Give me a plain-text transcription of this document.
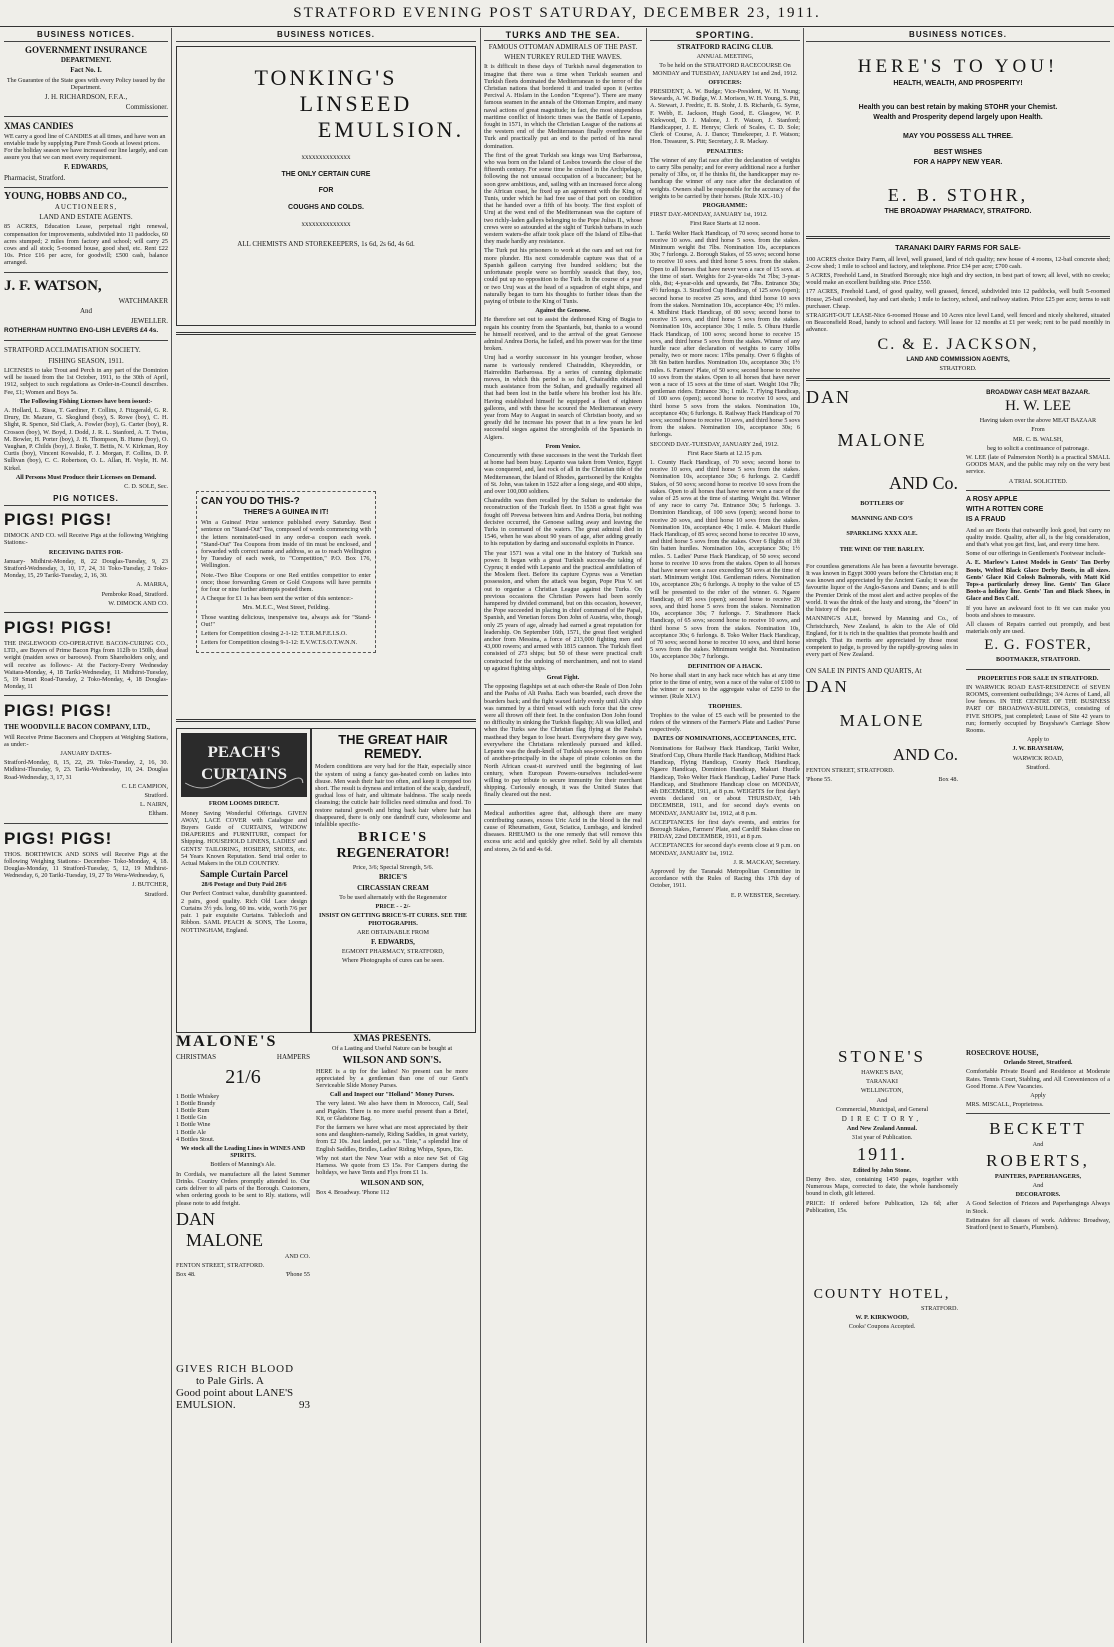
STRATFORD EVENING POST SATURDAY, DECEMBER 23, 1911.
BUSINESS NOTICES.
GOVERNMENT INSURANCE
DEPARTMENT.
Fact No. I.
The Guarantee of the State goes with every Policy issued by the Department.
J. H. RICHARDSON, F.F.A.,
Commissioner.
XMAS CANDIES
WE carry a good line of CANDIES at all times, and have won an enviable trade by supplying Pure Fresh Goods at lowest prices. For the holiday season we have increased our line largely, and can assure you that we can meet every requirement.
F. EDWARDS,
Pharmacist, Stratford.
YOUNG, HOBBS AND CO.,
AUCTIONEERS,
LAND AND ESTATE AGENTS.
85 ACRES, Education Lease, perpetual right renewal, compensation for improvements, subdivided into 11 paddocks, 60 acres stumped; 2 miles from factory and school; will carry 25 cows and all stock; 5-roomed house, good shed, etc. Rent £22 10s. Price £16 per acre, for goodwill; £500 cash, balance arranged.
J. F. WATSON,
WATCHMAKER
And
JEWELLER.
ROTHERHAM HUNTING ENG-LISH LEVERS £4 4s.
STRATFORD ACCLIMATISATION SOCIETY.
FISHING SEASON, 1911.
LICENSES to take Trout and Perch in any part of the Dominion will be issued from the 1st October, 1911, to the 30th of April, 1912, subject to such regulations as Order-in-Council describes. Fee, £1; Women and Boys 5s.
The Following Fishing Licenses have been issued:-
A. Hollard, L. Rissa, T. Gardiner, F. Collins, J. Fitzgerald, G. R. Drury, Dr. Mazure, G. Skoglund (boy), S. Rowe (boy), C. H. Slight, R. Spence, Sid Clark, A. Fowler (boy), G. Carter (boy), R. Crosson (boy), W. Boyd, J. Dodd, J. R. L. Stanford, A. T. Twiss, M. Bowler, H. Porter (boy), J. H. Thompson, B. Hume (boy), O. Vaughan, P. Childs (boy), J. Brake, T. Bettis, N. V. Kirkman, Roy Curtis (boy), Vincent Kowalski, F. J. Morgan, F. Collins, D. P. Sullivan (boy), C. C. Robertson, O. L. Allan, H. Voyle, H. M. Kirkel.
All Persons Must Produce their Licenses on Demand.
C. D. SOLE, Sec.
PIG NOTICES.
PIGS! PIGS!
DIMOCK AND CO. will Receive Pigs at the following Weighing Stations:-
RECEIVING DATES FOR-
January- Midhirst-Monday, 8, 22 Douglas-Tuesday, 9, 23 Stratford-Wednesday, 3, 10, 17, 24, 31 Toko-Tuesday, 2 Toko-Monday, 15, 29 Tariki-Tuesday, 2, 16, 30.
A. MARRA,
Pembroke Road, Stratford.
W. DIMOCK AND CO.
PIGS! PIGS!
THE INGLEWOOD CO-OPERATIVE BACON-CURING CO., LTD., are Buyers of Prime Bacon Pigs from 112lb to 150lb, dead weight (maiden sows or baroows). From Shareholders only, and will receive as follows:- At the Factory-Every Wednesday Waitara-Monday, 4, 18 Tariki-Wednesday, 11 Midhirst-Tuesday, 5, 19 Smart Road-Tuesday, 2 Toko-Monday, 4, 18 Douglas-Monday, 11
PIGS! PIGS!
THE WOODVILLE BACON COMPANY, LTD.,
Will Receive Prime Baconers and Choppers at Weighing Stations, as under:-
JANUARY DATES-
Stratford-Monday, 8, 15, 22, 29. Toko-Tuesday, 2, 16, 30. Midhirst-Thursday, 9, 23. Tariki-Wednesday, 10, 24. Douglas Road-Wednesday, 3, 17, 31
C. LE CAMPION,
Stratford.
L. NAIRN,
Eltham.
PIGS! PIGS!
THOS. BORTHWICK AND SONS will Receive Pigs at the following Weighing Stations:- December- Toko-Monday, 4, 18. Douglas-Monday, 11 Stratford-Tuesday, 5, 12, 19 Midhirst-Wednesday, 6, 20 Tariki-Tuesday, 19, 27 To Wera-Wednesday, 6,
J. BUTCHER,
Stratford.
BUSINESS NOTICES.
TONKING'S
LINSEED
EMULSION.
xxxxxxxxxxxxxx
THE ONLY CERTAIN CURE
FOR
COUGHS AND COLDS.
xxxxxxxxxxxxxx
ALL CHEMISTS AND STOREKEEPERS, 1s 6d, 2s 6d, 4s 6d.
CAN YOU DO THIS-?
THERE'S A GUINEA IN IT!
Win a Guinea! Prize sentence published every Saturday. Best sentence on "Stand-Out" Tea, composed of words commencing with the letters nominated-used in any order-a coupon each week. "Stand-Out" Tea Coupons from inside of tin must be enclosed, and forwarded with correct name and address, so as to reach Wellington by Tuesday of each week, to "Competition," P.O. Box 176, Wellington.
Note.-Two Blue Coupons or one Red entitles competitor to enter once; those forwarding Green or Gold Coupons will have permits for four or nine further attempts posted them.
A Cheque for £1 1s has been sent the writer of this sentence:-
Mrs. M.E.C., West Street, Feilding.
Those wanting delicious, inexpensive tea, always ask for "Stand-Out!"
Letters for Competition closing 2-1-12: T.T.R.M.F.E.I.S.O.
Letters for Competition closing 9-1-12: E.V.W.T.S.O.T.W.N.N.
PEACH'S
CURTAINS
FROM LOOMS DIRECT.
Money Saving Wonderful Offerings. GIVEN AWAY, LACE COVER with Catalogue and Buyers Guide of CURTAINS, WINDOW DRAPERIES and FURNITURE, compact for Shipping. HOUSEHOLD LINENS, LADIES' and GENTS' TAILORING, HOSIERY, SHOES, etc. 54 Years Known Reputation. Send trial order to Actual Makers in the OLD COUNTRY.
Sample Curtain Parcel
28/6 Postage and Duty Paid 28/6
Our Perfect Contract value, durability guaranteed. 2 pairs, good quality. Rich Old Lace design Curtains 3½ yds. long, 60 ins. wide, worth 7/6 per pair. 1 pair exquisite Curtains. Tablecloth and Ribbon. SAML PEACH & SONS, The Looms, NOTTINGHAM, England.
THE GREAT HAIR REMEDY.
Modern conditions are very bad for the Hair, especially since the system of using a fancy gas-heated comb on ladies into disuse. Men wash their hair too often, and keep it cropped too short. The result is dryness and irritation of the scalp, dandruff, gradual loss of hair, and ultimate baldness. The scalp needs cleansing; the cuticle hair follicles need stimulus and food. To restore natural growth and bring back hair where hair has disappeared, there is only one dandruff cure, wholesome and infallible specific-
BRICE'S
REGENERATOR!
Price, 3/6; Special Strength, 5/6.
BRICE'S
CIRCASSIAN CREAM
To be used alternately with the Regenerator
PRICE - - 2/-
INSIST ON GETTING BRICE'S-IT CURES. SEE THE PHOTOGRAPHS.
ARE OBTAINABLE FROM
F. EDWARDS,
EGMONT PHARMACY, STRATFORD,
Where Photographs of cures can be seen.
MALONE'S
CHRISTMAS	HAMPERS
21/6
1 Bottle Whiskey
1 Bottle Brandy
1 Bottle Rum
1 Bottle Gin
1 Bottle Wine
1 Bottle Ale
4 Bottles Stout.
We stock all the Leading Lines in WINES AND SPIRITS.
Bottlers of Manning's Ale.
In Cordials, we manufacture all the latest Summer Drinks. Country Orders promptly attended to. Our carts deliver to all parts of the Borough. Customers, when ordering goods to be sent to Rly. stations, will please note to add freight.
DAN
MALONE
AND CO.
FENTON STREET, STRATFORD.
Box 48.	'Phone 55
XMAS PRESENTS.
Of a Lasting and Useful Nature can be bought at
WILSON AND SON'S.
HERE is a tip for the ladies! No present can be more appreciated by a gentleman than one of our Gent's Serviceable Slide Money Purses.
Call and Inspect our "Holland" Money Purses.
The very latest. We also have them in Morocco, Calf, Seal and Pigskin. There is no more useful present than a Brief, Kit, or Gladstone Bag.
For the farmers we have what are most appreciated by their sons and daughters-namely, Riding Saddles, in great variety, from £2 10s. Just landed, per s.s. "Ilnie," a splendid line of English Saddles, Bridles, Ladies' Riding Whips, Spurs, Etc.
Why not start the New Year with a nice new Set of Gig Harness. We quote from £3 15s. For Campers during the holidays, we have Tents and Flys from £1 1s.
WILSON AND SON,
Box 4. Broadway. 'Phone 112
GIVES RICH BLOOD
to Pale Girls. A
Good point about LANE'S
EMULSION.	93
TURKS AND THE SEA.
FAMOUS OTTOMAN ADMIRALS OF THE PAST.
WHEN TURKEY RULED THE WAVES.
It is difficult in these days of Turkish naval degeneration to imagine that there was a time when Turkish seamen and Turkish fleets dominated the Mediterranean to the terror of the Christian nations that bordered it and traded upon it (writes Percival A. Hislam in the London "Express"). There are many famous seamen in the annals of the Ottoman Empire, and many naval actions of great magnitude; in fact, the most stupendous maritime conflict of historic times was the Battle of Lepanto, fought in 1571, in which the Christian League of the nations at the western end of the Mediterranean finally overthrew the Turk and practically put an end to the period of his naval domination.
The first of the great Turkish sea kings was Uruj Barbarossa, who was born on the Island of Lesbos towards the close of the fifteenth century. For some time he cruised in the Archipelago, following the not unusual occupation of a buccaneer; but he soon grew ambitious, and, sailing with an increased force along the African coast, he fixed up an agreement with the King of Tunis, under which he had free use of that port on condition that he handed over a fifth of his booty. The first exploit of Uruj at the west end of the Mediterranean was the capture of two richly-laden galleys belonging to the Pope Julius II., whose crews were so astounded at the sight of Turkish turbans in such western waters-the affair took place off the Island of Elba-that they made hardly any resistance.
The Turk put his prisoners to work at the oars and set out for more plunder. His next considerable capture was that of a Spanish galleon carrying five hundred soldiers; but the unfortunate people were so horribly seasick that they, too, could put up no opposition to the Turk. In the course of a year or two Uruj was at the head of a squadron of eight ships, and naturally began to turn his thoughts to further ideas than the paying of tribute to the King of Tunis.
Against the Genoese.
He therefore set out to assist the dethroned King of Bugia to regain his country from the Spaniards, but, thanks to a wound he himself received, and to the arrival of the great Genoese admiral Andrea Doria, he failed, and his power was for the time broken.
Uruj had a worthy successor in his younger brother, whose name is variously rendered Chairaddin, Kheyreddin, or Hairreddin Barbarossa. By a series of cunning diplomatic moves, in which this period is so full, Chairaddin obtained much assistance from the Sultan, and gradually regained all that had been lost in the battle where his brother lost his life. Having established himself he equipped a fleet of eighteen galleons, and with these he scoured the Mediterranean every year from May to August in search of Christian booty, and so greatly did he increase his power that in a few years he led successful sieges against the strongholds of the Spaniards in Algiers.
From Venice.
Concurrently with these successes in the west the Turkish fleet at home had been busy. Lepanto was taken from Venice, Egypt was conquered, and, last rock of all in the Christian tide of the Mediterranean, the Island of Rhodes, garrisoned by the Knights of St. John, was taken in 1522 after a long siege, and 400 ships, and over 100,000 soldiers.
Chairaddin was then recalled by the Sultan to undertake the reconstruction of the Turkish fleet. In 1538 a great fight was fought off Prevesa between him and Andrea Doria, but nothing decisive occurred, the Genoese sailing away and leaving the Turks in command of the waters. The great admiral died in 1546, when he was about 90 years of age, after adding greatly to his reputation by daring and successful exploits in France.
The year 1571 was a vital one in the history of Turkish sea power. It began with a great Turkish success-the taking of Cyprus; it ended with Lepanto and the practical annihilation of the Moslem fleet. Before its capture Cyprus was a Venetian possession, and when the attack was begun, Pope Pius V. set out to organise a Christian League against the Turks. On previous occasions the Christian Powers had been sorely hampered by divided command, but on this occasion, however, the Pope succeeded in placing in chief command of the Papal, Spanish, and Venetian forces Don John of Austria, who, though only 25 years of age, already had earned a great reputation for leadership. On September 16th, 1571, the great fleet weighed anchor from Messina, a force of 213,000 fighting men and 43,000 rowers; and armed with 1815 cannon. The Turkish fleet consisted of 273 ships; but 50 of these were practical craft constructed for the undoing of merchantmen, and not to stand up against fighting ships.
Great Fight.
The opposing flagships set at each other-the Reale of Don John and the Pasha of Ali Pasha. Each was boarded, each drove the boarders back; and the fight waxed fairly evenly until Ali's ship was rammed by a third vessel with such force that the crew were all thrown off their feet. In the confusion Don John found no difficulty in sinking the Turkish flagship; Ali was killed, and when the Turks saw the Christian flag flying at the Pasha's masthead they began to lose heart. Everywhere they gave way, everywhere the Christians relentlessly pursued and killed. Lepanto was the death-knell of Turkish sea-power. In one form of another-principally in the shape of pirate colonies on the North African coast-it survived until the beginning of last century, when European Powers-ourselves included-were willing to pay tribute to secure immunity for their merchant shipping. Curiously enough, it was the United States that finally cleared out the nest.
Medical authorities agree that, although there are many contributing causes, excess Uric Acid in the blood is the real cause of Rheumatism, Gout, Sciatica, Lumbago, and kindred diseases. RHEUMO is the one remedy that will remove this excess uric acid and quickly give relief. Sold by all chemists and stores, 2s 6d and 4s 6d.
SPORTING.
STRATFORD RACING CLUB.
ANNUAL MEETING,
To be held on the STRATFORD RACECOURSE On MONDAY and TUESDAY, JANUARY 1st and 2nd, 1912.
OFFICERS:
PRESIDENT, A. W. Budge; Vice-President, W. H. Young; Stewards, A. W. Budge, W. J. Morison, W. H. Young, S. Pitt, A. Stewart, J. Fredric, E. B. Stohr, J. B. Richards, G. Syme, F. Webb, E. Jackson, Hugh Good, E. Glasgow, W. P. Kirkwood, D. J. Malone, J. F. Watson, J. Stanford; Handicapper, J. E. Henrys; Clerk of Scales, C. D. Sole; Clerk of Course, A. J. Dance; Timekeeper, J. F. Watson; Hon. Treasurer, S. Pitt; Secretary, J. R. Mackay.
PENALTIES:
The winner of any flat race after the declaration of weights to carry 5lbs penalty; and for every additional race a further penalty of 3lbs, or, if he thinks fit, the handicapper may re-handicap the winner of any race after the declaration of weights. Owners shall be responsible for the accuracy of the weights to be carried by their horses. (Rule XIX.-10.)
PROGRAMME:
FIRST DAY.-MONDAY, JANUARY 1st, 1912.
First Race Starts at 12 noon.
1. Tariki Welter Hack Handicap, of 70 sovs; second horse to receive 10 sovs. and third horse 5 sovs. from the stakes. Minimum weight 8st 7lbs. Nomination 10s, acceptances 30s; 7 furlongs. 2. Borough Stakes, of 55 sovs; second horse to receive 10 sovs. and third horse 5 sovs. from the stakes. Open to all horses that have never won a race of 15 sovs. at the time of start. Weights for 2-year-olds 7st 7lbs; 3-year-olds, 8st; 4-year-olds and upwards, 8st 7lbs. Entrance 30s; 4½ furlongs. 3. Stratford Cup Handicap, of 125 sovs (open); second horse to receive 25 sovs, and third horse 10 sovs from the stakes. Nomination 10s, acceptance 40s; 1½ miles. 4. Midhirst Hack Handicap, of 80 sovs; second horse to receive 15 sovs, and third horse 5 sovs from the stakes. Nomination 10s, acceptance 30s; 1 mile. 5. Ohura Hurdle Hack Handicap, of 100 sovs; second horse to receive 15 sovs, and third horse 5 sovs from the stakes. Winner of any hurdle race after declaration of weights to carry 10lbs penalty, two or more races: 17lbs penalty. Over 6 flights of 3ft 6in batten hurdles. Nomination 10s, acceptance 30s; 1½ miles. 6. Farmers' Plate, of 50 sovs; second horse to receive 10 sovs from the stakes. Open to all horses that have never won a race of 15 sovs at the time of start. Weight 10st 7lb; gentleman riders. Entrance 30s; 1 mile. 7. Flying Handicap, of 100 sovs (open); second horse to receive 10 sovs, and third horse 5 sovs from the stakes. Nomination 10s, acceptance 40s; 6 furlongs. 8. Railway Hack Handicap of 70 sovs; second horse to receive 10 sovs, and third horse 5 sovs from the stakes. Nomination 10s, acceptance 30s; 6 furlongs.
SECOND DAY.-TUESDAY, JANUARY 2nd, 1912.
First Race Starts at 12.15 p.m.
1. County Hack Handicap, of 70 sovs; second horse to receive 10 sovs, and third horse 5 sovs from the stakes. Nomination 10s, acceptance 30s; 6 furlongs. 2. Cardiff Stakes, of 50 sovs; second horse to receive 10 sovs from the stakes. Open to all horses that have never won a race of the value of 25 sovs at the time of starting. Weight 8st. Winner of any race to carry 7st. Entrance 30s; 5 furlongs. 3. Dominion Handicap, of 100 sovs (open); second horse to receive 20 sovs, and third horse 10 sovs from the stakes. Nomination 10s, acceptance 40s; 1 mile. 4. Makuri Hurdle Hack Handicap, of 85 sovs; second horse to receive 10 sovs, and third horse 5 sovs from the stakes. Over 6 flights of 3ft 6in batten hurdles. Nomination 10s, acceptance 30s; 1½ miles. 5. Ladies' Purse Hack Handicap, of 50 sovs; second horse to receive 10 sovs from the stakes. Open to all horses that have never won a race exceeding 50 sovs at the time of start. Minimum weight 10st. Gentleman riders. Nomination 10s, acceptance 20s; 6 furlongs. A trophy to the value of £5 will be presented to the rider of the winner. 6. Ngaere Handicap, of 85 sovs (open); second horse to receive 20 sovs, and third horse 5 sovs from the stakes. Nomination 10s, acceptance 30s; 7 furlongs. 7. Strathmore Hack Handicap, of 65 sovs; second horse to receive 10 sovs, and third horse 5 sovs from the stakes. Nomination 10s, acceptance 30s; 6 furlongs. 8. Toko Welter Hack Handicap, of 70 sovs; second horse to receive 10 sovs, and third horse 5 sovs from the stakes. Minimum weight 8st. Nomination 10s, acceptance 30s; 7 furlongs.
DEFINITION OF A HACK.
No horse shall start in any hack race which has at any time prior to the time of entry, won a race of the value of £100 to the winner or races to the aggregate value of £250 to the winner. (Rule XLV.)
TROPHIES.
Trophies to the value of £5 each will be presented to the riders of the winners of the Farmer's Plate and Ladies' Purse respectively.
DATES OF NOMINATIONS, ACCEPTANCES, ETC.
Nominations for Railway Hack Handicap, Tariki Welter, Stratford Cup, Ohura Hurdle Hack Handicap, Midhirst Hack Handicap, Flying Handicap, County Hack Handicap, Ngaere Handicap, Dominion Handicap, Makuri Hurdle Handicap, Toko Welter Hack Handicap, Ladies' Purse Hack Handicap, and Strathmore Handicap close on MONDAY, 4th DECEMBER, 1911, at 8 p.m. WEIGHTS for first day's events declared on or about THURSDAY, 14th DECEMBER, 1911, and for second day's events on MONDAY, JANUARY 1st, 1912, at 8 p.m.
ACCEPTANCES for first day's events, and entries for Borough Stakes, Farmers' Plate, and Cardiff Stakes close on FRIDAY, 22nd DECEMBER, 1911, at 8 p.m.
ACCEPTANCES for second day's events close at 9 p.m. on MONDAY, JANUARY 1st, 1912.
J. R. MACKAY, Secretary.
Approved by the Taranaki Metropolitan Committee in accordance with the Rules of Racing this 17th day of October, 1911.
E. P. WEBSTER, Secretary.
BUSINESS NOTICES.
HERE'S TO YOU!
HEALTH, WEALTH, AND PROSPERITY!
Health you can best retain by making STOHR your Chemist.
Wealth and Prosperity depend largely upon Health.
MAY YOU POSSESS ALL THREE.
BEST WISHES
FOR A HAPPY NEW YEAR.
E. B. STOHR,
THE BROADWAY PHARMACY, STRATFORD.
TARANAKI DAIRY FARMS FOR SALE-
100 ACRES choice Dairy Farm, all level, well grassed, land of rich quality; new house of 4 rooms, 12-bail concrete shed; 2-cow shed; 1 mile to school and factory, and telephone. Price £34 per acre; £700 cash.
5 ACRES, Freehold Land, in Stratford Borough; nice high and dry section, in best part of town; all level, with no creeks; would make an excellent building site. Price £550.
177 ACRES, Freehold Land, of good quality, well grassed, fenced, subdivided into 12 paddocks, well built 5-roomed House, 25-bail cowshed, hay and cart sheds; 1 mile to factory, school, and railway station. Price £25 per acre; terms to suit purchaser. Cheap.
STRAIGHT-OUT LEASE-Nice 6-roomed House and 10 Acres nice level Land, well fenced and nicely sheltered, situated on Beaconsfield Road, handy to school and factory. Will lease for 12 months at £1 per week; rent to be paid monthly in advance.
C. & E. JACKSON,
LAND AND COMMISSION AGENTS,
STRATFORD.
DAN
MALONE
AND Co.
BOTTLERS OF
MANNING AND CO'S
SPARKLING XXXX ALE.
THE WINE OF THE BARLEY.
For countless generations Ale has been a favourite beverage. It was known in Egypt 3000 years before the Christian era; it was known and appreciated by the Ancient Gauls; it was the favourite liquor of the Anglo-Saxons and Danes; and is still the Premier Drink of the most alert and active peoples of the world. It was the drink of the lusty and strong, the "doers" in the history of the past.
MANNING'S ALE, brewed by Manning and Co., of Christchurch, New Zealand, is akin to the Ale of Old England, for it is rich in the qualities that promote health and strength. That its merits are appreciated by those most competent to judge, is proved by the rapidly-growing sales in every part of New Zealand.
ON SALE IN PINTS AND QUARTS, At
DAN
MALONE
AND Co.
FENTON STREET, STRATFORD.
'Phone 55.	Box 48.
BROADWAY CASH MEAT BAZAAR.
H. W. LEE
Having taken over the above MEAT BAZAAR
From
MR. C. B. WALSH,
beg to solicit a continuance of patronage.
W. LEE (late of Palmerston North) is a practical SMALL GOODS MAN, and the public may rely on the very best service.
A TRIAL SOLICITED.
A ROSY APPLE
WITH A ROTTEN CORE
IS A FRAUD
And so are Boots that outwardly look good, but carry no quality inside. Quality, after all, is the big consideration, and that's what you get first, last, and every time here.
Some of our offerings in Gentlemen's Footwear include-
A. E. Marlow's Latest Models in Gents' Tan Derby Boots, Welted Black Glace Derby Boots, in all sizes. Gents' Glace Kid Colosh Balmorals, with Matt Kid Tops-a particularly dressy line. Gents' Tan Glace Boots-a holiday line. Gents' Tan and Black Shoes, in Glace and Box Calf.
If you have an awkward foot to fit we can make you boots and shoes to measure.
All classes of Repairs carried out promptly, and best materials only are used.
E. G. FOSTER,
BOOTMAKER, STRATFORD.
PROPERTIES FOR SALE IN STRATFORD.
IN WARWICK ROAD EAST-RESIDENCE of SEVEN ROOMS, convenient outbuildings; 3/4 Acres of Land, all low fences. IN THE CENTRE OF THE BUSINESS PART OF BROADWAY-BUILDINGS, consisting of FIVE SHOPS, just completed; Lease of Site 42 years to run; formerly occupied by Brayshaw's Carriage Show Rooms.
Apply to
J. W. BRAYSHAW,
WARWICK ROAD,
Stratford.
STONE'S
HAWKE'S BAY,
TARANAKI
WELLINGTON,
And
Commercial, Municipal, and General
DIRECTORY,
And New Zealand Annual.
31st year of Publication.
1911.
Edited by John Stone.
Demy 8vo. size, containing 1450 pages, together with Numerous Maps, corrected to date, the whole handsomely bound in cloth, gilt lettered.
PRICE: If ordered before Publication, 12s 6d; after Publication, 15s.
ROSECROVE HOUSE,
Orlando Street, Stratford.
Comfortable Private Board and Residence at Moderate Rates. Tennis Court, Stabling, and All Conveniences of a Good Home. A Few Vacancies.
Apply
MRS. MISCALL, Proprietress.
BECKETT
And
ROBERTS,
PAINTERS, PAPERHANGERS,
And
DECORATORS.
A Good Selection of Friezes and Paperhangings Always in Stock.
Estimates for all classes of work. Address: Broadway, Stratford (next to Smart's, Plumbers).
COUNTY HOTEL,
STRATFORD.
W. P. KIRKWOOD,
Cooks' Coupons Accepted.
